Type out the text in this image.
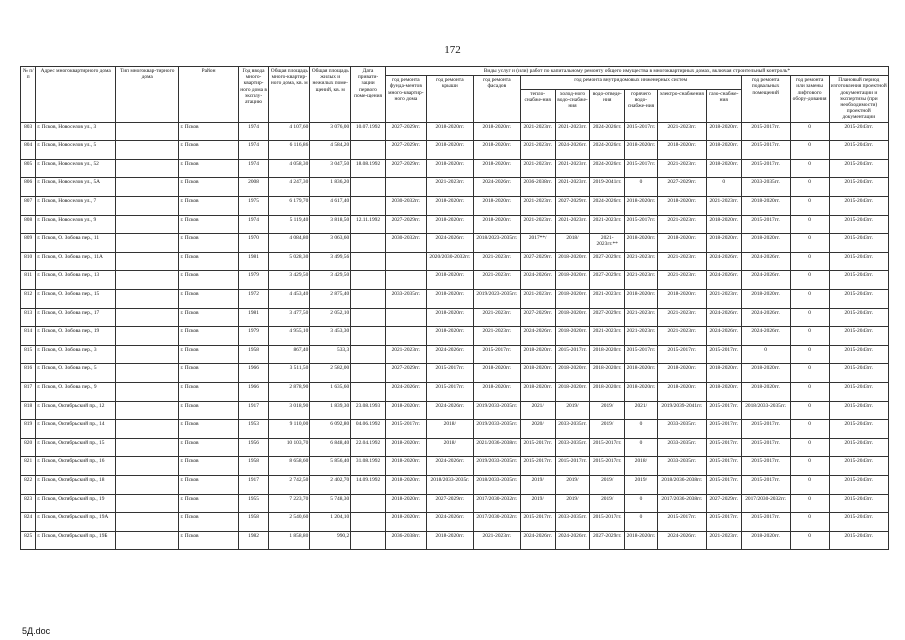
172
№ п/п	Адрес многоквартирного дома	Тип многоквар-тирного дома	Район	Год ввода много-квартир-ного дома в эксплу-атацию	Общая площадь много-квартир-ного дома, кв. м	Общая площадь жилых и нежилых поме-щений, кв. м	Дата привати-зации первого поме-щения	Виды услуг и (или) работ по капитальному ремонту общего имущества в многоквартирных домах, включая строительный контроль*											
								год ремонта фунда-ментов много-квартир-ного дома	год ремонта крыши	год ремонта фасадов	год ремонта внутридомовых инженерных систем						год ремонта подвальных помещений	год ремонта или замены лифтового обору-дования	Плановый период изготовления проектной документации и экспертизы (при необходимости) проектной документации
											тепло-снабже-ния	холод-ного водо-снабже-ния	водо-отведе-ния	горячего водо-снабже-ния	электро-снабжения	газо-снабже-ния			
803	г. Псков, Новоселов ул., 3		г. Псков	1974	4 107,60	3 076,00	10.07.1992	2027-2029гг.	2018-2020гг.	2018-2020гг.	2021-2023гг.	2021-2023гг.	2024-2026гг.	2015-2017гг.	2021-2023гг.	2018-2020гг.	2015-2017гг.	0	2015-2043гг.
804	г. Псков, Новоселов ул., 5		г. Псков	1974	6 116,86	4 584,20		2027-2029гг.	2018-2020гг.	2018-2020гг.	2021-2023гг.	2024-2026гг.	2024-2026гг.	2018-2020гг.	2018-2020гг.	2018-2020гг.	2015-2017гг.	0	2015-2043гг.
805	г. Псков, Новоселов ул., 52		г. Псков	1974	4 058,30	3 047,50	18.08.1992	2027-2029гг.	2018-2020гг.	2018-2020гг.	2021-2023гг.	2021-2023гг.	2024-2026гг.	2015-2017гг.	2021-2023гг.	2018-2020гг.	2015-2017гг.	0	2015-2043гг.
806	г. Псков, Новоселов ул., 5А		г. Псков	2008	4 247,30	1 836,20			2021-2023гг.	2024-2026гг.	2036-2038гг.	2021-2023гг.	2019-2041гг.	0	2027-2029гг.	0	2033-2035гг.	0	2015-2043гг.
807	г. Псков, Новоселов ул., 7		г. Псков	1975	6 179,70	4 617,40		2030-2032гг.	2018-2020гг.	2018-2020гг.	2021-2023гг.	2027-2029гг.	2024-2026гг.	2018-2020гг.	2018-2020гг.	2021-2023гг.	2018-2020гг.	0	2015-2043гг.
808	г. Псков, Новоселов ул., 9		г. Псков	1974	5 119,40	3 818,50	12.11.1992	2027-2029гг.	2018-2020гг.	2018-2020гг.	2021-2023гг.	2021-2023гг.	2021-2023гг.	2015-2017гг.	2021-2023гг.	2018-2020гг.	2015-2017гг.	0	2015-2043гг.
809	г. Псков, О. Зобова пер., 11		г. Псков	1970	4 084,80	3 063,60		2030-2032гг.	2024-2026гг.	2018/2023-2035гг.	2017**/	2018/	2021-2023гг.**	2018-2020гг.	2018-2020гг.	2018-2020гг.	2018-2020гг.	0	2015-2043гг.
810	г. Псков, О. Зобова пер., 11А		г. Псков	1981	5 028,30	3 499,56			2020/2030-2032гг.	2021-2023гг.	2027-2029гг.	2018-2020гг.	2027-2029гг.	2021-2023гг.	2021-2023гг.	2024-2026гг.	2024-2026гг.	0	2015-2043гг.
811	г. Псков, О. Зобова пер., 13		г. Псков	1979	3 429,50	3 429,50			2018-2020гг.	2021-2023гг.	2024-2026гг.	2018-2020гг.	2027-2029гг.	2021-2023гг.	2021-2023гг.	2024-2026гг.	2024-2026гг.	0	2015-2043гг.
812	г. Псков, О. Зобова пер., 15		г. Псков	1972	4 453,40	2 875,40		2033-2035гг.	2018-2020гг.	2019/2023-2035гг.	2021-2023гг.	2018-2020гг.	2021-2023гг.	2018-2020гг.	2018-2020гг.	2021-2023гг.	2018-2020гг.	0	2015-2043гг.
813	г. Псков, О. Зобова пер., 17		г. Псков	1981	3 477,50	2 052,10			2018-2020гг.	2021-2023гг.	2027-2029гг.	2018-2020гг.	2027-2029гг.	2021-2023гг.	2021-2023гг.	2024-2026гг.	2024-2026гг.	0	2015-2043гг.
814	г. Псков, О. Зобова пер., 19		г. Псков	1979	4 955,10	3 453,30			2018-2020гг.	2021-2023гг.	2024-2026гг.	2018-2020гг.	2021-2023гг.	2021-2023гг.	2021-2023гг.	2024-2026гг.	2024-2026гг.	0	2015-2043гг.
815	г. Псков, О. Зобова пер., 3		г. Псков	1958	867,40	533,3		2021-2023гг.	2024-2026гг.	2015-2017гг.	2018-2020гг.	2015-2017гг.	2018-2020гг.	2015-2017гг.	2015-2017гг.	2015-2017гг.	0	0	2015-2043гг.
816	г. Псков, О. Зобова пер., 5		г. Псков	1966	3 511,50	2 582,00		2027-2029гг.	2015-2017гг.	2018-2020гг.	2018-2020гг.	2018-2020гг.	2018-2020гг.	2018-2020гг.	2018-2020гг.	2018-2020гг.	2018-2020гг.	0	2015-2043гг.
817	г. Псков, О. Зобова пер., 9		г. Псков	1966	2 878,90	1 635,60		2024-2026гг.	2015-2017гг.	2018-2020гг.	2018-2020гг.	2018-2020гг.	2018-2020гг.	2018-2020гг.	2018-2020гг.	2018-2020гг.	2018-2020гг.	0	2015-2043гг.
818	г. Псков, Октябрьский пр., 12		г. Псков	1917	3 018,90	1 839,30	23.08.1993	2018-2020гг.	2024-2026гг.	2019/2033-2035гг.	2021/	2019/	2019/	2021/	2019/2039-2041гг.	2015-2017гг.	2018/2033-2035гг.	0	2015-2043гг.
819	г. Псков, Октябрьский пр., 14		г. Псков	1953	9 110,00	6 092,80	04.06.1992	2015-2017гг.	2018/	2019/2033-2035гг.	2020/	2033-2035гг.	2019/	0	2033-2035гг.	2015-2017гг.	2015-2017гг.	0	2015-2043гг.
820	г. Псков, Октябрьский пр., 15		г. Псков	1956	10 103,70	6 848,40	22.04.1992	2018-2020гг.	2018/	2021/2036-2038гг.	2015-2017гг.	2033-2035гг.	2015-2017гг.	0	2033-2035гг.	2015-2017гг.	2015-2017гг.	0	2015-2043гг.
821	г. Псков, Октябрьский пр., 16		г. Псков	1958	8 658,60	5 856,40	31.08.1992	2018-2020гг.	2024-2026гг.	2019/2033-2035гг.	2015-2017гг.	2015-2017гг.	2015-2017гг.	2018/	2033-2035гг.	2015-2017гг.	2015-2017гг.	0	2015-2043гг.
822	г. Псков, Октябрьский пр., 18		г. Псков	1917	2 742,50	2 402,70	14.09.1992	2018-2020гг.	2018/2033-2035г.	2018/2033-2035гг.	2019/	2019/	2019/	2019/	2018/2036-2038гг.	2015-2017гг.	2015-2017гг.	0	2015-2043гг.
823	г. Псков, Октябрьский пр., 19		г. Псков	1955	7 223,70	5 748,30		2018-2020гг.	2027-2029гг.	2017/2030-2032гг.	2019/	2019/	2019/	0	2017/2036-2038гг.	2027-2029гг.	2017/2030-2032гг.	0	2015-2043гг.
824	г. Псков, Октябрьский пр., 19А		г. Псков	1958	2 540,60	1 204,10		2018-2020гг.	2024-2026гг.	2017/2030-2032гг.	2015-2017гг.	2033-2035гг.	2015-2017гг.	0	2015-2017гг.	2015-2017гг.	2015-2017гг.	0	2015-2043гг.
825	г. Псков, Октябрьский пр., 19Б		г. Псков	1982	1 858,80	990,2		2036-2038гг.	2018-2020гг.	2021-2023гг.	2024-2026гг.	2024-2026гг.	2027-2029гг.	2018-2020гг.	2024-2026гг.	2021-2023гг.	2018-2020гг.	0	2015-2043гг.
5Д.doc
